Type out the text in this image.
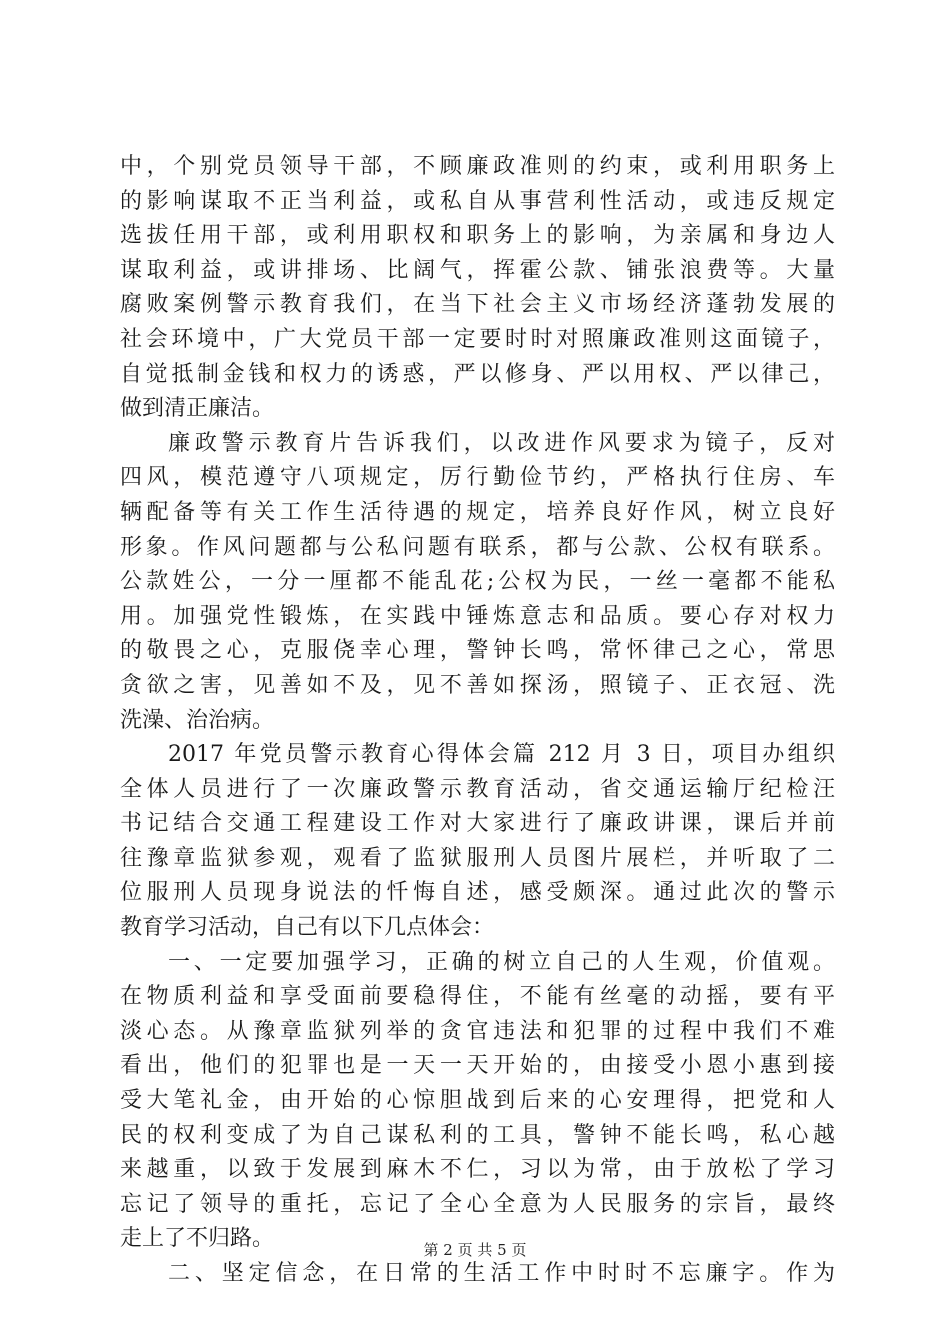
中，个别党员领导干部，不顾廉政准则的约束，或利用职务上
的影响谋取不正当利益，或私自从事营利性活动，或违反规定
选拔任用干部，或利用职权和职务上的影响，为亲属和身边人
谋取利益，或讲排场、比阔气，挥霍公款、铺张浪费等。大量
腐败案例警示教育我们，在当下社会主义市场经济蓬勃发展的
社会环境中，广大党员干部一定要时时对照廉政准则这面镜子，
自觉抵制金钱和权力的诱惑，严以修身、严以用权、严以律己，
做到清正廉洁。
廉政警示教育片告诉我们，以改进作风要求为镜子，反对
四风，模范遵守八项规定，厉行勤俭节约，严格执行住房、车
辆配备等有关工作生活待遇的规定，培养良好作风，树立良好
形象。作风问题都与公私问题有联系，都与公款、公权有联系。
公款姓公，一分一厘都不能乱花;公权为民，一丝一毫都不能私
用。加强党性锻炼，在实践中锤炼意志和品质。要心存对权力
的敬畏之心，克服侥幸心理，警钟长鸣，常怀律己之心，常思
贪欲之害，见善如不及，见不善如探汤，照镜子、正衣冠、洗
洗澡、治治病。
2017 年党员警示教育心得体会篇 212 月 3 日，项目办组织
全体人员进行了一次廉政警示教育活动，省交通运输厅纪检汪
书记结合交通工程建设工作对大家进行了廉政讲课，课后并前
往豫章监狱参观，观看了监狱服刑人员图片展栏，并听取了二
位服刑人员现身说法的忏悔自述，感受颇深。通过此次的警示
教育学习活动，自己有以下几点体会：
一、一定要加强学习，正确的树立自己的人生观，价值观。
在物质利益和享受面前要稳得住，不能有丝毫的动摇，要有平
淡心态。从豫章监狱列举的贪官违法和犯罪的过程中我们不难
看出，他们的犯罪也是一天一天开始的，由接受小恩小惠到接
受大笔礼金，由开始的心惊胆战到后来的心安理得，把党和人
民的权利变成了为自己谋私利的工具，警钟不能长鸣，私心越
来越重，以致于发展到麻木不仁，习以为常，由于放松了学习
忘记了领导的重托，忘记了全心全意为人民服务的宗旨，最终
走上了不归路。
二、坚定信念，在日常的生活工作中时时不忘廉字。作为
第 2 页 共 5 页
